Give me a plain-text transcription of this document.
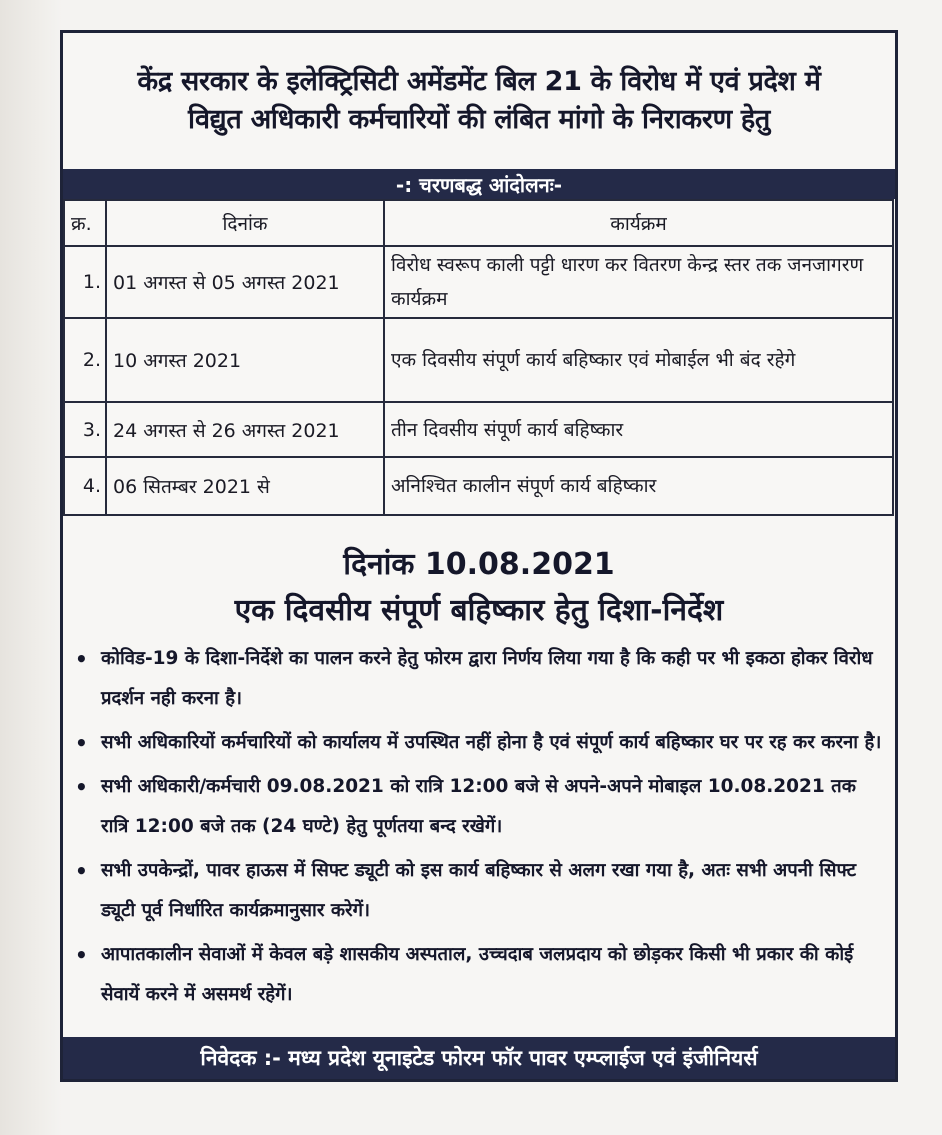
केंद्र सरकार के इलेक्ट्रिसिटी अमेंडमेंट बिल 21 के विरोध में एवं प्रदेश में
विद्युत अधिकारी कर्मचारियों की लंबित मांगो के निराकरण हेतु
-: चरणबद्ध आंदोलनः-
क्र.	दिनांक	कार्यक्रम
1.	01 अगस्त से 05 अगस्त 2021	विरोध स्वरूप काली पट्टी धारण कर वितरण केन्द्र स्तर तक जनजागरण कार्यक्रम
2.	10 अगस्त 2021	एक दिवसीय संपूर्ण कार्य बहिष्कार एवं मोबाईल भी बंद रहेगे
3.	24 अगस्त से 26 अगस्त 2021	तीन दिवसीय संपूर्ण कार्य बहिष्कार
4.	06 सितम्बर 2021 से	अनिश्चित कालीन संपूर्ण कार्य बहिष्कार
दिनांक 10.08.2021
एक दिवसीय संपूर्ण बहिष्कार हेतु दिशा-निर्देश
• कोविड-19 के दिशा-निर्देशे का पालन करने हेतु फोरम द्वारा निर्णय लिया गया है कि कही पर भी इकठा होकर विरोध प्रदर्शन नही करना है।
• सभी अधिकारियों कर्मचारियों को कार्यालय में उपस्थित नहीं होना है एवं संपूर्ण कार्य बहिष्कार घर पर रह कर करना है।
• सभी अधिकारी/कर्मचारी 09.08.2021 को रात्रि 12:00 बजे से अपने-अपने मोबाइल 10.08.2021 तक रात्रि 12:00 बजे तक (24 घण्टे) हेतु पूर्णतया बन्द रखेगें।
• सभी उपकेन्द्रों, पावर हाऊस में सिफ्ट ड्यूटी को इस कार्य बहिष्कार से अलग रखा गया है, अतः सभी अपनी सिफ्ट ड्यूटी पूर्व निर्धारित कार्यक्रमानुसार करेगें।
• आपातकालीन सेवाओं में केवल बड़े शासकीय अस्पताल, उच्चदाब जलप्रदाय को छोड़कर किसी भी प्रकार की कोई सेवायें करने में असमर्थ रहेगें।
निवेदक :- मध्य प्रदेश यूनाइटेड फोरम फॉर पावर एम्प्लाईज एवं इंजीनियर्स
